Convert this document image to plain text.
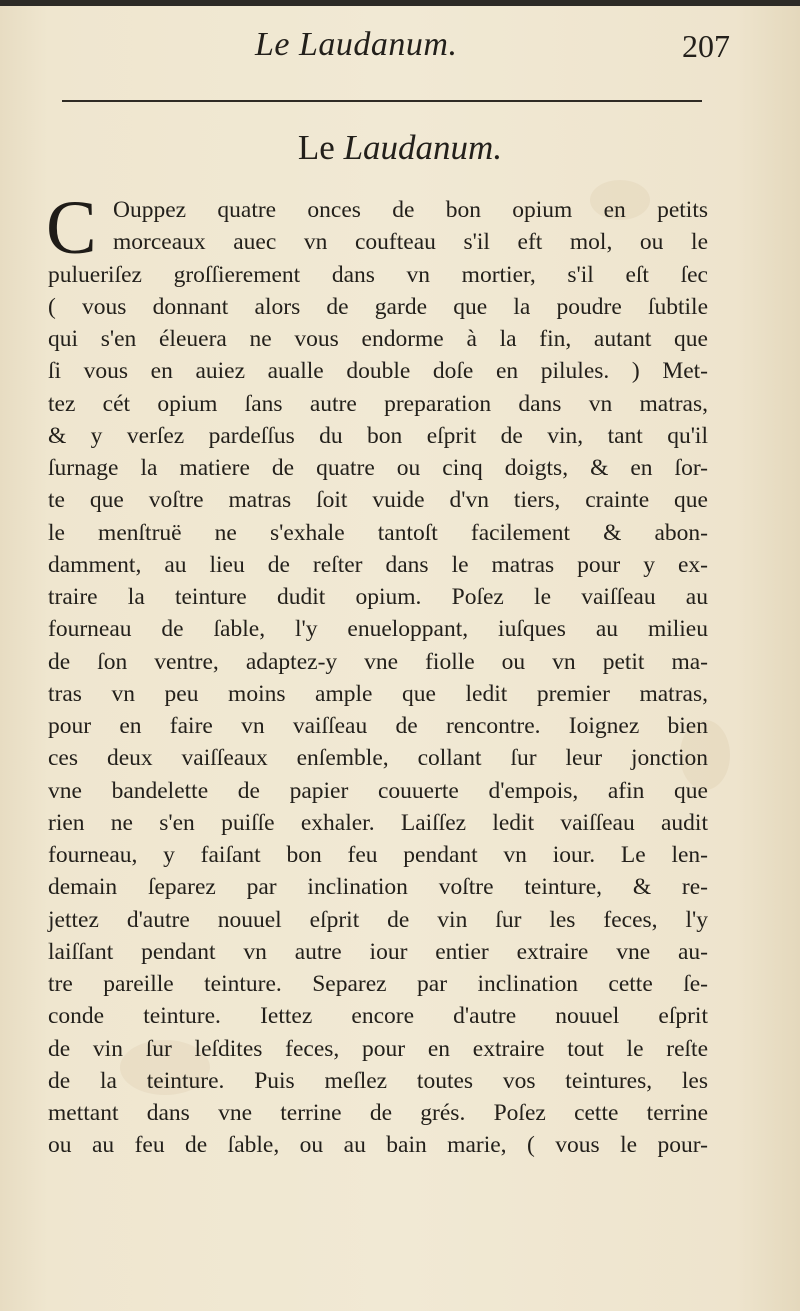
Le Laudanum.	207
Le Laudanum.
C Ouppez quatre onces de bon opium en petits
morceaux auec vn coufteau s'il eft mol, ou le
pulueriſez groſſierement dans vn mortier, s'il eſt ſec
( vous donnant alors de garde que la poudre ſubtile
qui s'en éleuera ne vous endorme à la fin, autant que
ſi vous en auiez aualle double doſe en pilules. ) Met-
tez cét opium ſans autre preparation dans vn matras,
& y verſez pardeſſus du bon eſprit de vin, tant qu'il
ſurnage la matiere de quatre ou cinq doigts, & en ſor-
te que voſtre matras ſoit vuide d'vn tiers, crainte que
le menſtruë ne s'exhale tantoſt facilement & abon-
damment, au lieu de reſter dans le matras pour y ex-
traire la teinture dudit opium. Poſez le vaiſſeau au
fourneau de ſable, l'y enueloppant, iuſques au milieu
de ſon ventre, adaptez-y vne fiolle ou vn petit ma-
tras vn peu moins ample que ledit premier matras,
pour en faire vn vaiſſeau de rencontre. Ioignez bien
ces deux vaiſſeaux enſemble, collant ſur leur jonction
vne bandelette de papier couuerte d'empois, afin que
rien ne s'en puiſſe exhaler. Laiſſez ledit vaiſſeau audit
fourneau, y faiſant bon feu pendant vn iour. Le len-
demain ſeparez par inclination voſtre teinture, & re-
jettez d'autre nouuel eſprit de vin ſur les feces, l'y
laiſſant pendant vn autre iour entier extraire vne au-
tre pareille teinture. Separez par inclination cette ſe-
conde teinture. Iettez encore d'autre nouuel eſprit
de vin ſur leſdites feces, pour en extraire tout le reſte
de la teinture. Puis meſlez toutes vos teintures, les
mettant dans vne terrine de grés. Poſez cette terrine
ou au feu de ſable, ou au bain marie, ( vous le pour-
